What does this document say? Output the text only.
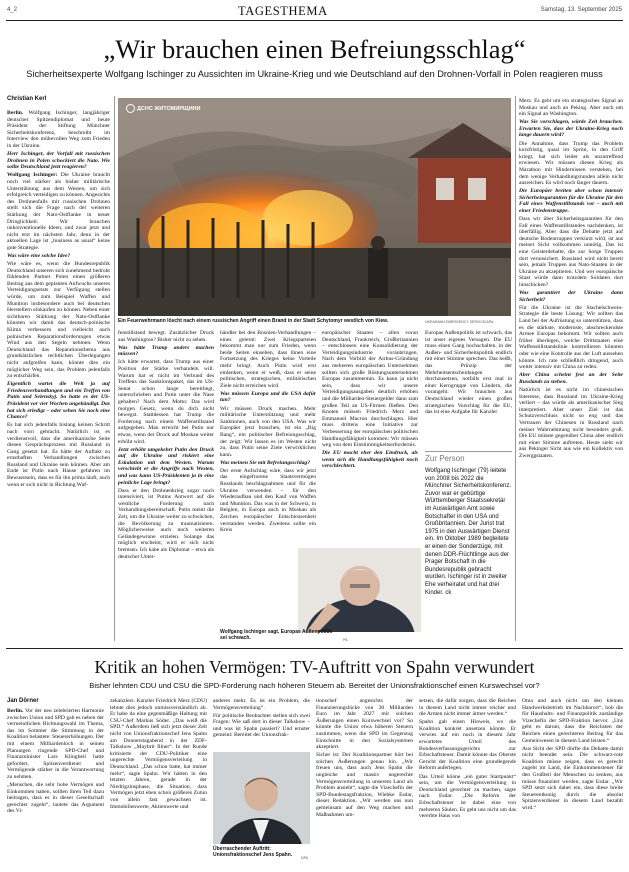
4_2	TAGESTHEMA	Samstag, 13. September 2025
„Wir brauchen einen Befreiungsschlag“
Sicherheitsexperte Wolfgang Ischinger zu Aussichten im Ukraine-Krieg und wie Deutschland auf den Drohnen-Vorfall in Polen reagieren muss
Christian Kerl
ДСНС ЖИТОМИРЩИНИ
Ein Feuerwehrmann löscht nach einem russischen Angriff einen Brand in der Stadt Schytomyr westlich von Kiew.	UKRAINIAN EMERGENCY SERVICE/APA

Berlin. Wolfgang Ischinger, langjähriger deutscher Spitzendiplomat und heute Präsident der Stiftung Münchner Sicherheitskonferenz, beschreibt im Interview den mühevollen Weg zum Frieden in der Ukraine.

Herr Ischinger, der Vorfall mit russischen Drohnen in Polen schockiert die Nato. Wie sollte Deutschland jetzt reagieren?

Wolfgang Ischinger: Die Ukraine braucht noch viel stärker als bisher militärische Unterstützung aus dem Westen, um sich erfolgreich verteidigen zu können. Angesichts des Drohnenfalls mit russischen Drohnen stellt sich die Frage nach der weiteren Stärkung der Nato-Ostflanke in neuer Dringlichkeit. Wir brauchen unkonventionelle Ideen, und zwar jetzt und nicht erst im nächsten Jahr, denn in der aktuellen Lage ist „business as usual“ keine gute Strategie.

Was wäre eine solche Idee?

Wie wäre es, wenn die Bundesrepublik Deutschland unseren sich zunehmend bedroht fühlenden Partner Polen einen größeren Beitrag aus dem geplanten Aufwuchs unseres Verteidigungsetats zur Verfügung stellen würde, um zum Beispiel Waffen und Munition insbesondere auch bei deutschen Herstellern einkaufen zu können. Neben einer sichtbaren Stärkung der Nato-Ostflanke könnten wir damit das deutsch-polnische Klima verbessern und vielleicht auch polnischen Reparationsforderungen etwas Wind aus den Segeln nehmen. Wenn Deutschland das Reparationsthema aus grundsätzlichen rechtlichen Überlegungen nicht aufgreifen kann, könnte dies ein möglicher Weg sein, das Problem jedenfalls zu entschärfen.

Eigentlich wartet die Welt ja auf Friedensverhandlungen und ein Treffen von Putin und Selenskyj. So hatte es der US-Präsident vor vier Wochen angekündigt. Das hat sich erledigt – oder sehen Sie noch eine Chance?

Es hat sich jedenfalls bislang keinen Schritt nach vorn gebracht. Natürlich ist es verdienstvoll, dass die amerikanische Seite diesen Gesprächsprozess mit Russland in Gang gesetzt hat. Es hätte der Auftakt zu ernsthaften Verhandlungen zwischen Russland und Ukraine sein können. Aber am Ende ist Putin nach Hause gefahren im Bewusstsein, dass es für ihn prima läuft, auch wenn er sich nicht in Richtung Waf-

fenstillstand bewegt. Zusätzlicher Druck aus Washington? Bisher nicht zu sehen.

Was hätte Trump anders machen müssen?

Ich hätte erwartet, dass Trump aus einer Position der Stärke verhandeln will. Warum hat er nicht im Verbund des Treffens das Sanktionspaket, das im US-Senat schon lange bereitliegt, unterschrieben und Putin unter die Nase gehalten? Nach dem Motto: Das wird morgen Gesetz, wenn du dich nicht bewegst. Stattdessen hat Trump die Forderung nach einem Waffenstillstand aufgegeben. Man erreicht bei Putin nur etwas, wenn der Druck auf Moskau weiter erhöht wird.

Jetzt erhöht umgekehrt Putin den Druck auf die Ukraine und riskiert eine Eskalation mit dem Westen. Warum verschiebt er die Angriffe nach Westen, und was kann US-Präsidenten ja in eine peinliche Lage bringt?

Dass er den Drohnenkrieg sogar noch intensiviert, ist Putins Antwort auf die westliche Forderung nach Verhandlungsbereitschaft. Putin meint die Zeit, um die Ukraine weiter zu schwächen, die Bevölkerung zu traumatisieren. Möglicherweise auch noch weiteren Geländegewinne erzielen. Solange das möglich erscheint, wird er sich nicht bremsen. Ich habe als Diplomat – etwa als deutscher Unter-

händler bei den Bosnien-Verhandlungen – eines gelernt: Zwei Kriegsparteien bekommt man nur zum Frieden, wenn beide Seiten einsehen, dass ihnen eine Fortsetzung des Krieges keine Vorteile mehr bringt. Auch Putin wird erst einlenken, wenn er weiß, dass er seine politischen, strategischen, militärischen Ziele nicht erreichen wird.

Was müssen Europa und die USA dafür tun?

Wir müssen Druck machen. Mehr militärische Unterstützung und mehr Sanktionen, auch von den USA. Was wir Europäer jetzt brauchen, ist ein „Big Bang“, ein politischer Befreiungsschlag, der zeigt: Wir lassen es im Westen nicht zu, dass Putin seine Ziele verwirklichen kann.

Was meinen Sie mit Befreiungsschlag?

Der erste Aufschlag wäre, dass wir jetzt das eingefrorene Staatsvermögen Russlands beschlagnahmen und für die Ukraine verwenden – für den Wiederaufbau und den Kauf von Waffen und Munition. Das was in der Schweiz, in Belgien, in Europa auch in Moskau als Zeichen europäischer Entschlossenheit verstanden werden. Zweitens sollte ein Kreis

europäischer Staaten – allen voran Deutschland, Frankreich, Großbritannien – entschlossen eine Konsolidierung der Verteidigungsindustrie voranbringen. Nach dem Vorbild der Airbus-Gründung aus mehreren europäischen Unternehmen sollten sich große Rüstungsunternehmen Europas zusammentun. Es kann ja nicht sein, dass wir unsere Verteidigungsausgaben deutlich erhöhen und die Milliarden-Steuergelder dann zum großen Teil an US-Firmen fließen. Den Knoten müssen Friedrich Merz und Emmanuel Macron durchschlagen. Hier muss drittens eine Initiative zur Verbesserung der europäischen politischen Handlungsfähigkeit kommen: Wir müssen weg von dem Einstimmigkeitserfordernis.

Die EU macht eher den Eindruck, als wenn sich die Handlungsfähigkeit noch verschlechtert.

Europas Außenpolitik ist schwach, das ist unser eigenes Versagen. Die EU muss einen Gang hochschalten, in der Außen- und Sicherheitspolitik endlich mit einer Stimme sprechen. Das heißt, das Prinzip der Mehrheitsentscheidungen durchzusetzen, notfalls erst mal in einer Kerngruppe von Ländern, die vorangeht. Wir brauchen aus Deutschland wieder einen großen strategischen Vorschlag für die EU, das ist eine Aufgabe für Kanzler

Merz. Es geht um ein strategisches Signal an Moskau und auch an Peking. Aber auch um ein Signal an Washington.

Was Sie vorschlagen, würde Zeit brauchen. Erwarten Sie, dass der Ukraine-Krieg noch lange dauern wird?

Die Annahme, dass Trump das Problem kurzfristig, quasi im Sprint, in den Griff kriegt, hat sich leider als unzutreffend erwiesen. Wir müssen diesen Krieg als Marathon mit Hindernissen verstehen, bei dem wenige Verhandlungsrunden allein nicht ausreichen. Es wird noch länger dauern.

Die Europäer breiten aber schon intensiv Sicherheitsgarantien für die Ukraine für den Fall eines Waffenstillstands vor – auch mit einer Friedenstruppe.

Dass wir über Sicherheitsgarantien für den Fall eines Waffenstillstandes nachdenken, ist überfällig. Aber dass die Debatte jetzt auf deutsche Bodentruppen verkürzt wird, ist aus meiner Sicht vollkommen unnötig. Das ist eine Geisterdebatte, die zur Sorge Truppen dort verunsichert. Russland wird nicht bereit sein, jemals Truppen aus Nato-Staaten in der Ukraine zu akzeptieren. Und wer europäische Staat würde dann trotzdem Soldaten dort hinschicken?

Was garantiert der Ukraine dann Sicherheit?

Für die Ukraine ist die Stachelschwein-Strategie die beste Lösung: Wir sollten das Land bei der Aufrüstung so unterstützen, dass es die stärkste, modernste, abschreckendste Armee Europas bekommt. Wir sollten auch früher überlegen, welche Drittstaaten eine Waffenstillstandslinie kontrollieren könnten oder wie eine Kontrolle aus der Luft aussehen könnte. Ich rate schließlich dringend, auch weiter intensiv mit China zu reden.

Aber China scheint fest an der Seite Russlands zu stehen.

Natürlich ist es nicht im chinesischen Interesse, dass Russland im Ukraine-Krieg verliert – das würde als amerikanischer Sieg interpretiert. Aber unser Ziel ist das Schutzverschluss nicht so eng und das Vertrauen der Chinesen in Russland nach meiner Wahrnehmung nicht besonders groß. Die EU müsste gegenüber China aber endlich mit einer Stimme auftreten. Heute sieht wir aus Pekinger Sicht aus wie ein Kollektiv von Zwerggstaaten.

Wolfgang Ischinger sagt, Europas Außenpolitik sei schwach.	PA
Zur Person
Wolfgang Ischinger (79) leitete von 2008 bis 2022 die Münchner Sicherheitskonferenz. Zuvor war er gebürtige Württemberger Staatssekretär im Auswärtigen Amt sowie Botschafter in den USA und Großbritannien. Der Jurist trat 1975 in den Auswärtigen Dienst ein. Im Oktober 1989 begleitete er einen der Sonderzüge, mit denen DDR-Flüchtlinge aus der Prager Botschaft in die Bundesrepublik gebracht wurden. Ischinger ist in zweiter Ehe verheiratet und hat drei Kinder. ck
Kritik an hohen Vermögen: TV-Auftritt von Spahn verwundert
Bisher lehnten CDU und CSU die SPD-Forderung nach höheren Steuern ab. Bereitet der Unionsfraktionschef einen Kurswechsel vor?
Jan Dörner

Berlin. Vor der neu zelebrierten Harmonie zwischen Union und SPD gab es neben der vermeintlichen Richtungswahl im Thema, das im Sommer die Stimmung in der Koalition belastete: Steuererhöhungen. Der mit einem Milliardenloch in seinen Planungen ringende SPD-Chef und Finanzminister Lars Klingbeil hatte gefordert, Spitzenverdiener und Vermögende stärker in die Verantwortung zu nehmen.

„Menschen, die sehr hohe Vermögen und Einkommen haben, sollten ihren Teil dazu beitragen, dass es in dieser Gesellschaft gerechter zugeht“, lautete das Argument des Vi-

zekanzlers. Kanzler Friedrich Merz (CDU) lehnte dies jedoch unmissverständlich ab. Er habe da eine gegenmäßige Haltung mit CSU-Chef Markus Söder. „Das weiß die SPD.“ Außerdem ließ sich jetzt dieser Zeit nicht von Unionsfraktionschef Jens Spahn am Donnerstagabend in der ZDF-Talkshow „Maybrit Illner“. In der Runde kritisierte der CDU-Politiker eine ungerechte Vermögensverteilung in Deutschland. „Das schon hatte, hat immer mehr“, sagte Spahn. Wir hätten in den letzten Jahren, gerade in der Niedrigzinsphase, die Situation, dass Vermögen jetzt eben schon größeres Zutun von allein fast gewachsen ist. Immobilienwerte, Aktienwerte und

anderes mehr. Es ist ein Problem, die Vermögensverteilung“.

Für politische Beobachter stellen sich zwei Fragen: Wie saß dort in dieser Talkshow – und was ist Spahn passiert? Und ernster gemeint: Bereitet der Unionsfrak-

tionschef angesichts der Finanzierungslücke von 30 Milliarden Euro im Jahr 2027 mit solchen Äußerungen einen Kurswechsel vor? So könnte die Union etwa höheren Steuern zustimmen, wenn die SPD im Gegenzug Einschnitte in den Sozialsystemen akzeptiert.

Sicher ist: Der Koalitionspartner hört bei solchen Äußerungen genau hin. „Wir freuen uns, dass auch Jens Spahn die ungleiche und massiv ungerechte Vermögensverteilung in unserem Land als Problem ansieht“, sagte die Vizechefin der SPD-Bundestagsfraktion, Wiebke Esdar, dieser Redaktion. „Wir werden uns nun gemeinsam auf den Weg machen und Maßnahmen um-

setzen, die dafür sorgen, dass die Reichen in diesem Land nicht immer reicher und die Armen nicht immer ärmer werden.“

Spahn gab einen Hinweis, wo die Koalition konkret ansetzen könnte. Er verwies auf ein noch in diesem Jahr erwartetes Urteil des Bundesverfassungsgerichts zur Erbschaftsteuer. Damit könnte das Oberste Gericht der Koalition eine grundlegende Reform auferlegen.

Das Urteil könne „ein guter Startpunkt“ sein, um die Vermögensverteilung in Deutschland gerechter zu machen, sagte nach Esdar. „Die Reform der Erbschaftsteuer ist dabei eine von mehreren Säulen. Es geht uns nicht um das vererbte Haus von

Oma und auch nicht um den kleinen Handwerksbetrieb im Nachbarort“, hob die für Haushalts- und Finanzpolitik zuständige Vizechefin der SPD-Fraktion hervor. „Uns geht es darum, dass die Reichsten der Reichen einen gerechteren Beitrag für das Gemeinwesen in diesem Land leisten.“

Aus Sicht der SPD dürfte die Debatte damit nicht beendet sein. Die schwarz-rote Koalition müsse zeigen, dass es gerecht zugeht im Land, die Einkommensteuer für den Großteil der Menschen zu senken, aus müsse finanziert werden, sagte Esdar. „Wir SPD setzt sich daher ein, dass diese breite Steuerentkunig durch die absolut Spitzenverdiener in diesem Land bezahlt wird.“

Überraschender Auftritt: Unionsfraktionschef Jens Spahn.	DPA
